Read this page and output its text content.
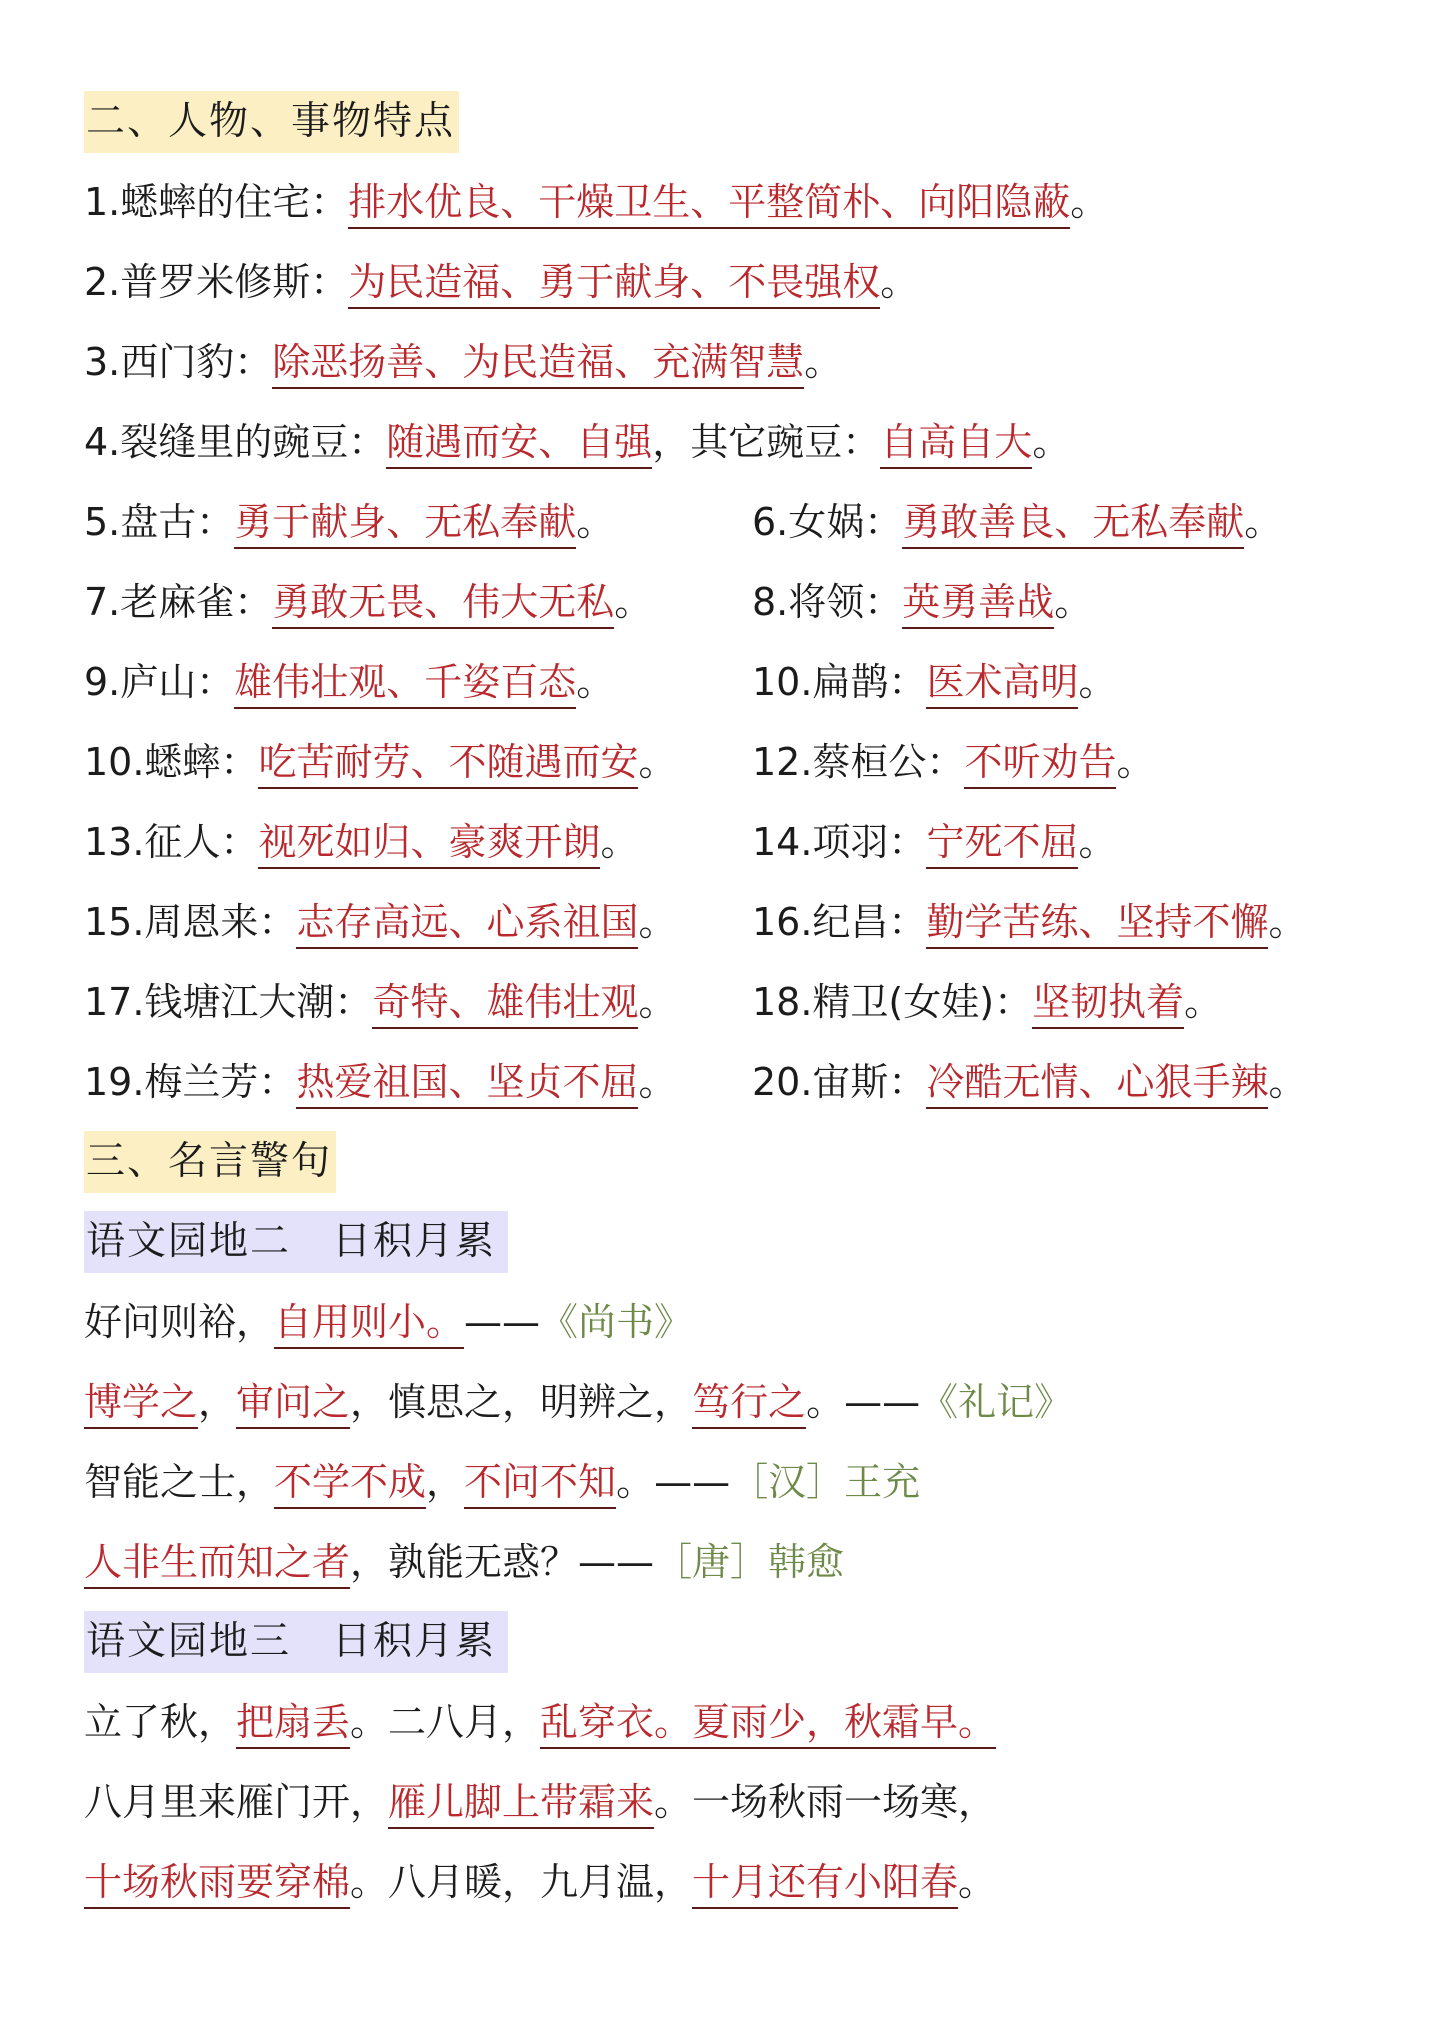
二、人物、事物特点
1.蟋蟀的住宅：排水优良、干燥卫生、平整简朴、向阳隐蔽。
2.普罗米修斯：为民造福、勇于献身、不畏强权。
3.西门豹：除恶扬善、为民造福、充满智慧。
4.裂缝里的豌豆：随遇而安、自强，其它豌豆：自高自大。
5.盘古：勇于献身、无私奉献。	6.女娲：勇敢善良、无私奉献。
7.老麻雀：勇敢无畏、伟大无私。	8.将领：英勇善战。
9.庐山：雄伟壮观、千姿百态。	10.扁鹊：医术高明。
10.蟋蟀：吃苦耐劳、不随遇而安。 12.蔡桓公：不听劝告。
13.征人：视死如归、豪爽开朗。	14.项羽：宁死不屈。
15.周恩来：志存高远、心系祖国。 16.纪昌：勤学苦练、坚持不懈。
17.钱塘江大潮：奇特、雄伟壮观。 18.精卫(女娃)：坚韧执着。
19.梅兰芳：热爱祖国、坚贞不屈。 20.宙斯：冷酷无情、心狠手辣。
三、名言警句
语文园地二　日积月累
好问则裕，自用则小。——《尚书》
博学之，审问之，慎思之，明辨之，笃行之。——《礼记》
智能之士，不学不成，不问不知。——［汉］王充
人非生而知之者，孰能无惑？——［唐］韩愈
语文园地三　日积月累
立了秋，把扇丢。二八月，乱穿衣。夏雨少，秋霜早。
八月里来雁门开，雁儿脚上带霜来。一场秋雨一场寒，
十场秋雨要穿棉。八月暖，九月温，十月还有小阳春。
